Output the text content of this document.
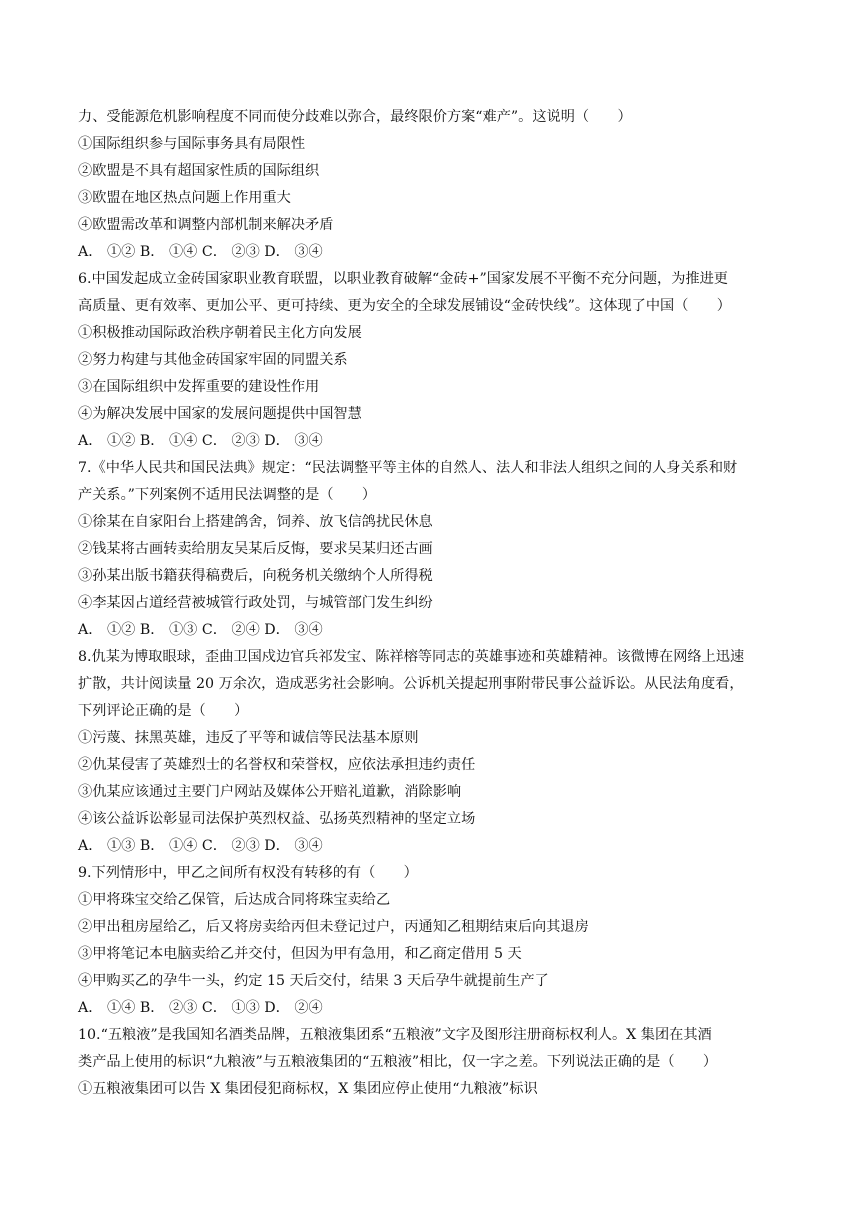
力、受能源危机影响程度不同而使分歧难以弥合，最终限价方案“难产”。这说明（　　）
①国际组织参与国际事务具有局限性
②欧盟是不具有超国家性质的国际组织
③欧盟在地区热点问题上作用重大
④欧盟需改革和调整内部机制来解决矛盾
A． ①② B． ①④ C． ②③ D． ③④
6.中国发起成立金砖国家职业教育联盟，以职业教育破解“金砖+”国家发展不平衡不充分问题，为推进更
高质量、更有效率、更加公平、更可持续、更为安全的全球发展铺设“金砖快线”。这体现了中国（　　）
①积极推动国际政治秩序朝着民主化方向发展
②努力构建与其他金砖国家牢固的同盟关系
③在国际组织中发挥重要的建设性作用
④为解决发展中国家的发展问题提供中国智慧
A． ①② B． ①④ C． ②③ D． ③④
7.《中华人民共和国民法典》规定：“民法调整平等主体的自然人、法人和非法人组织之间的人身关系和财
产关系。”下列案例不适用民法调整的是（　　）
①徐某在自家阳台上搭建鸽舍，饲养、放飞信鸽扰民休息
②钱某将古画转卖给朋友吴某后反悔，要求吴某归还古画
③孙某出版书籍获得稿费后，向税务机关缴纳个人所得税
④李某因占道经营被城管行政处罚，与城管部门发生纠纷
A． ①② B． ①③ C． ②④ D． ③④
8.仇某为博取眼球，歪曲卫国戍边官兵祁发宝、陈祥榕等同志的英雄事迹和英雄精神。该微博在网络上迅速
扩散，共计阅读量 20 万余次，造成恶劣社会影响。公诉机关提起刑事附带民事公益诉讼。从民法角度看，
下列评论正确的是（　　）
①污蔑、抹黑英雄，违反了平等和诚信等民法基本原则
②仇某侵害了英雄烈士的名誉权和荣誉权，应依法承担违约责任
③仇某应该通过主要门户网站及媒体公开赔礼道歉，消除影响
④该公益诉讼彰显司法保护英烈权益、弘扬英烈精神的坚定立场
A． ①③ B． ①④ C． ②③ D． ③④
9.下列情形中，甲乙之间所有权没有转移的有（　　）
①甲将珠宝交给乙保管，后达成合同将珠宝卖给乙
②甲出租房屋给乙，后又将房卖给丙但未登记过户，丙通知乙租期结束后向其退房
③甲将笔记本电脑卖给乙并交付，但因为甲有急用，和乙商定借用 5 天
④甲购买乙的孕牛一头，约定 15 天后交付，结果 3 天后孕牛就提前生产了
A． ①④ B． ②③ C． ①③ D． ②④
10.“五粮液”是我国知名酒类品牌，五粮液集团系“五粮液”文字及图形注册商标权利人。X 集团在其酒
类产品上使用的标识“九粮液”与五粮液集团的“五粮液”相比，仅一字之差。下列说法正确的是（　　）
①五粮液集团可以告 X 集团侵犯商标权，X 集团应停止使用“九粮液”标识
